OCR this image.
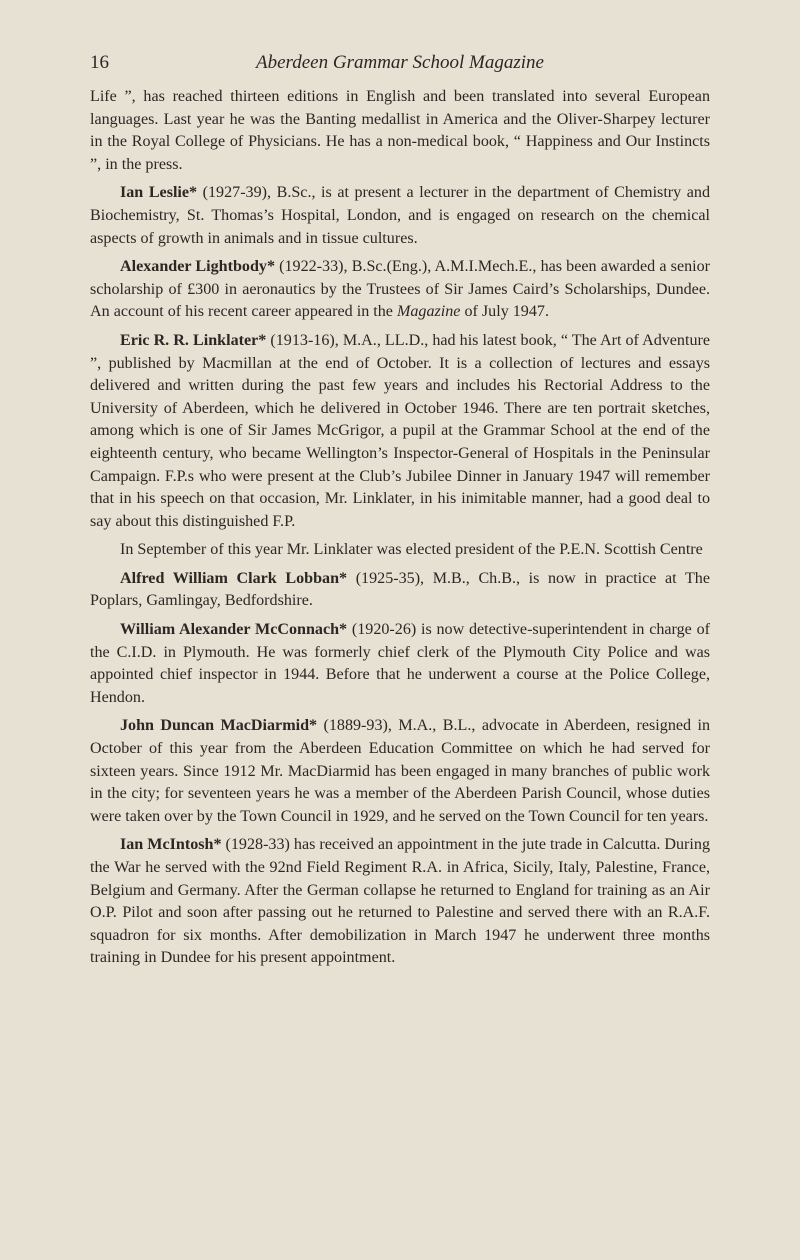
16	Aberdeen Grammar School Magazine

Life ”, has reached thirteen editions in English and been translated into several European languages. Last year he was the Banting medallist in America and the Oliver-Sharpey lecturer in the Royal College of Physicians. He has a non-medical book, “ Happiness and Our Instincts ”, in the press.

Ian Leslie* (1927-39), B.Sc., is at present a lecturer in the department of Chemistry and Biochemistry, St. Thomas’s Hospital, London, and is engaged on research on the chemical aspects of growth in animals and in tissue cultures.

Alexander Lightbody* (1922-33), B.Sc.(Eng.), A.M.I.Mech.E., has been awarded a senior scholarship of £300 in aeronautics by the Trustees of Sir James Caird’s Scholarships, Dundee. An account of his recent career appeared in the Magazine of July 1947.

Eric R. R. Linklater* (1913-16), M.A., LL.D., had his latest book, “ The Art of Adventure ”, published by Macmillan at the end of October. It is a collection of lectures and essays delivered and written during the past few years and includes his Rectorial Address to the University of Aberdeen, which he delivered in October 1946. There are ten portrait sketches, among which is one of Sir James McGrigor, a pupil at the Grammar School at the end of the eighteenth century, who became Wellington’s Inspector-General of Hospitals in the Peninsular Campaign. F.P.s who were present at the Club’s Jubilee Dinner in January 1947 will remember that in his speech on that occasion, Mr. Linklater, in his inimitable manner, had a good deal to say about this distinguished F.P.

In September of this year Mr. Linklater was elected president of the P.E.N. Scottish Centre

Alfred William Clark Lobban* (1925-35), M.B., Ch.B., is now in practice at The Poplars, Gamlingay, Bedfordshire.

William Alexander McConnach* (1920-26) is now detective-superintendent in charge of the C.I.D. in Plymouth. He was formerly chief clerk of the Plymouth City Police and was appointed chief inspector in 1944. Before that he underwent a course at the Police College, Hendon.

John Duncan MacDiarmid* (1889-93), M.A., B.L., advocate in Aberdeen, resigned in October of this year from the Aberdeen Education Committee on which he had served for sixteen years. Since 1912 Mr. MacDiarmid has been engaged in many branches of public work in the city; for seventeen years he was a member of the Aberdeen Parish Council, whose duties were taken over by the Town Council in 1929, and he served on the Town Council for ten years.

Ian McIntosh* (1928-33) has received an appointment in the jute trade in Calcutta. During the War he served with the 92nd Field Regiment R.A. in Africa, Sicily, Italy, Palestine, France, Belgium and Germany. After the German collapse he returned to England for training as an Air O.P. Pilot and soon after passing out he returned to Palestine and served there with an R.A.F. squadron for six months. After demobilization in March 1947 he underwent three months training in Dundee for his present appointment.
